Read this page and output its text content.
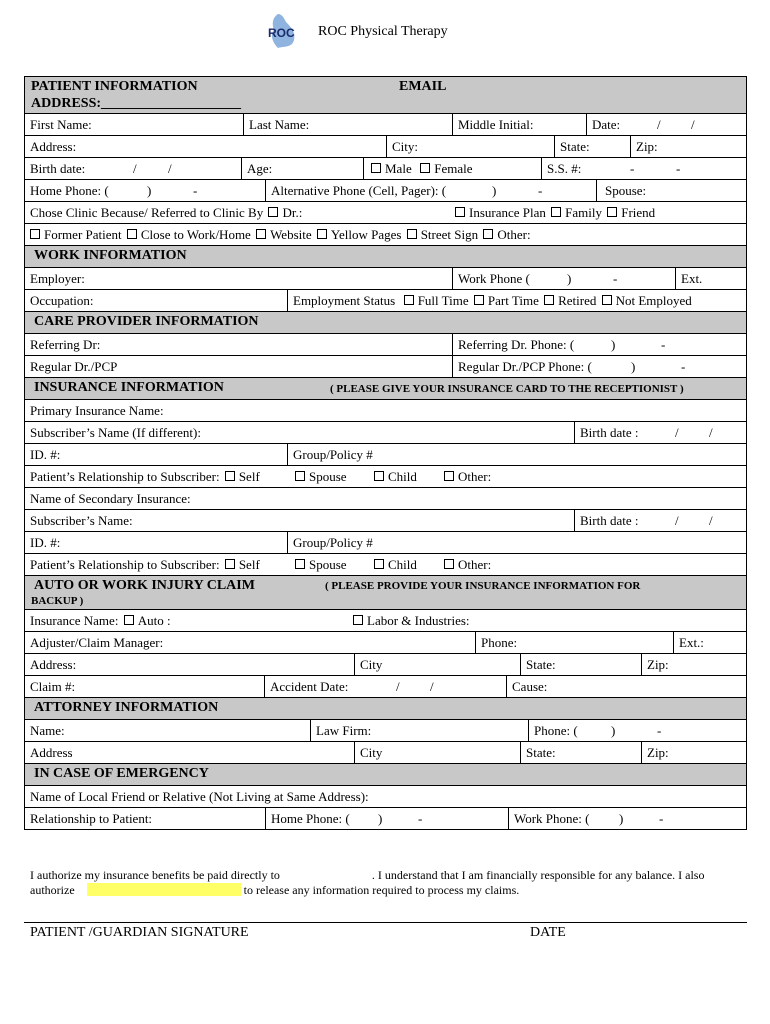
ROC ROC Physical Therapy
PATIENT INFORMATION	EMAIL
ADDRESS:____________________
First Name:	Last Name:	Middle Initial:	Date:	/ /
Address:	City:	State:	Zip:
Birth date:	/ /	Age:	Male Female	S.S. #:	-	-
Home Phone: (	)	-	Alternative Phone (Cell, Pager): (	)	-	Spouse:
Chose Clinic Because/ Referred to Clinic By Dr.:	Insurance Plan Family Friend
Former Patient Close to Work/Home Website Yellow Pages Street Sign Other:
WORK INFORMATION
Employer:	Work Phone (	)	-	Ext.
Occupation:	Employment Status Full Time Part Time Retired Not Employed
CARE PROVIDER INFORMATION
Referring Dr:	Referring Dr. Phone: (	)	-
Regular Dr./PCP	Regular Dr./PCP Phone: (	)	-
INSURANCE INFORMATION	( PLEASE GIVE YOUR INSURANCE CARD TO THE RECEPTIONIST )
Primary Insurance Name:
Subscriber’s Name (If different):	Birth date :	/ /
ID. #:	Group/Policy #
Patient’s Relationship to Subscriber: Self	Spouse	Child	Other:
Name of Secondary Insurance:
Subscriber’s Name:	Birth date :	/ /
ID. #:	Group/Policy #
Patient’s Relationship to Subscriber: Self	Spouse	Child	Other:
AUTO OR WORK INJURY CLAIM	( PLEASE PROVIDE YOUR INSURANCE INFORMATION FOR
BACKUP )
Insurance Name: Auto :	Labor & Industries:
Adjuster/Claim Manager:	Phone:	Ext.:
Address:	City	State:	Zip:
Claim #:	Accident Date:	/ /	Cause:
ATTORNEY INFORMATION
Name:	Law Firm:	Phone: (	)	-
Address	City	State:	Zip:
IN CASE OF EMERGENCY
Name of Local Friend or Relative (Not Living at Same Address):
Relationship to Patient:	Home Phone: ( )	-	Work Phone: ( )	-
I authorize my insurance benefits be paid directly to	. I understand that I am financially responsible for any balance. I also
authorize	to release any information required to process my claims.
PATIENT /GUARDIAN SIGNATURE	DATE
